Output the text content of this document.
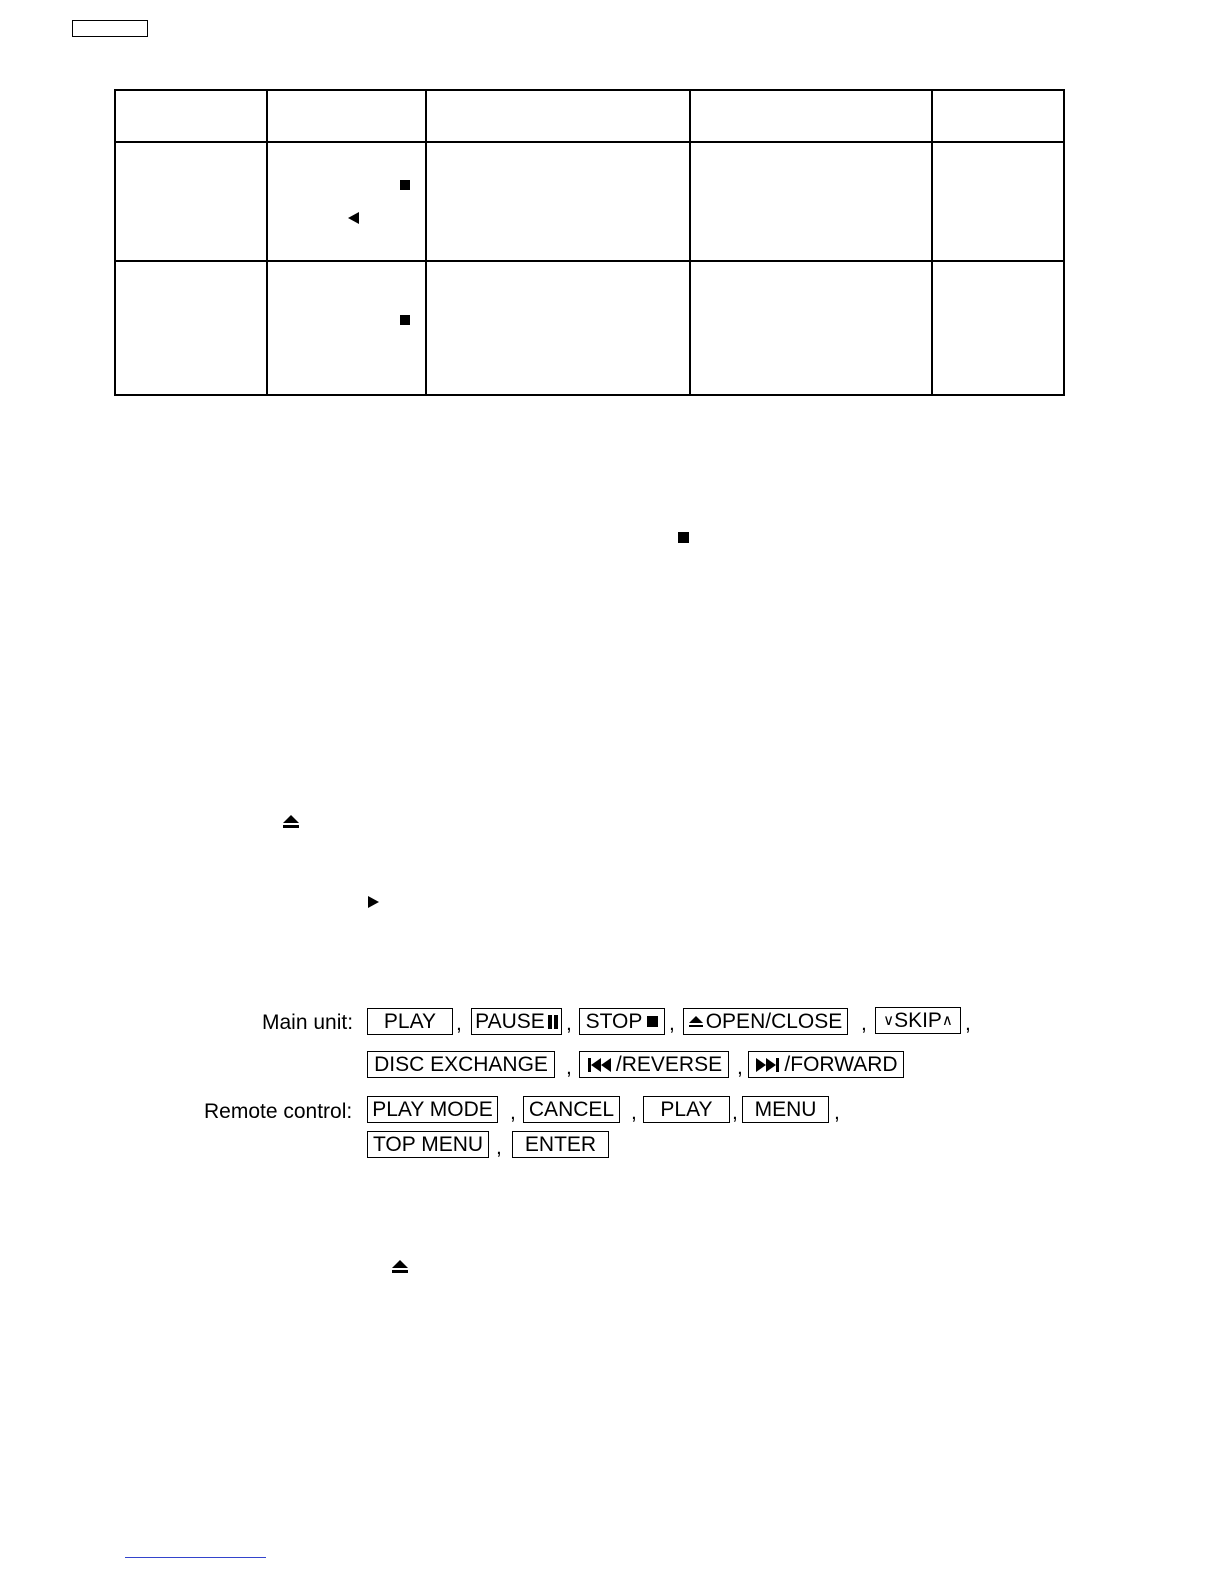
Main unit: PLAY , PAUSE , STOP , OPEN/CLOSE , ∨ SKIP ∧ ,
DISC EXCHANGE , /REVERSE , /FORWARD
Remote control: PLAY MODE , CANCEL , PLAY , MENU ,
TOP MENU , ENTER
